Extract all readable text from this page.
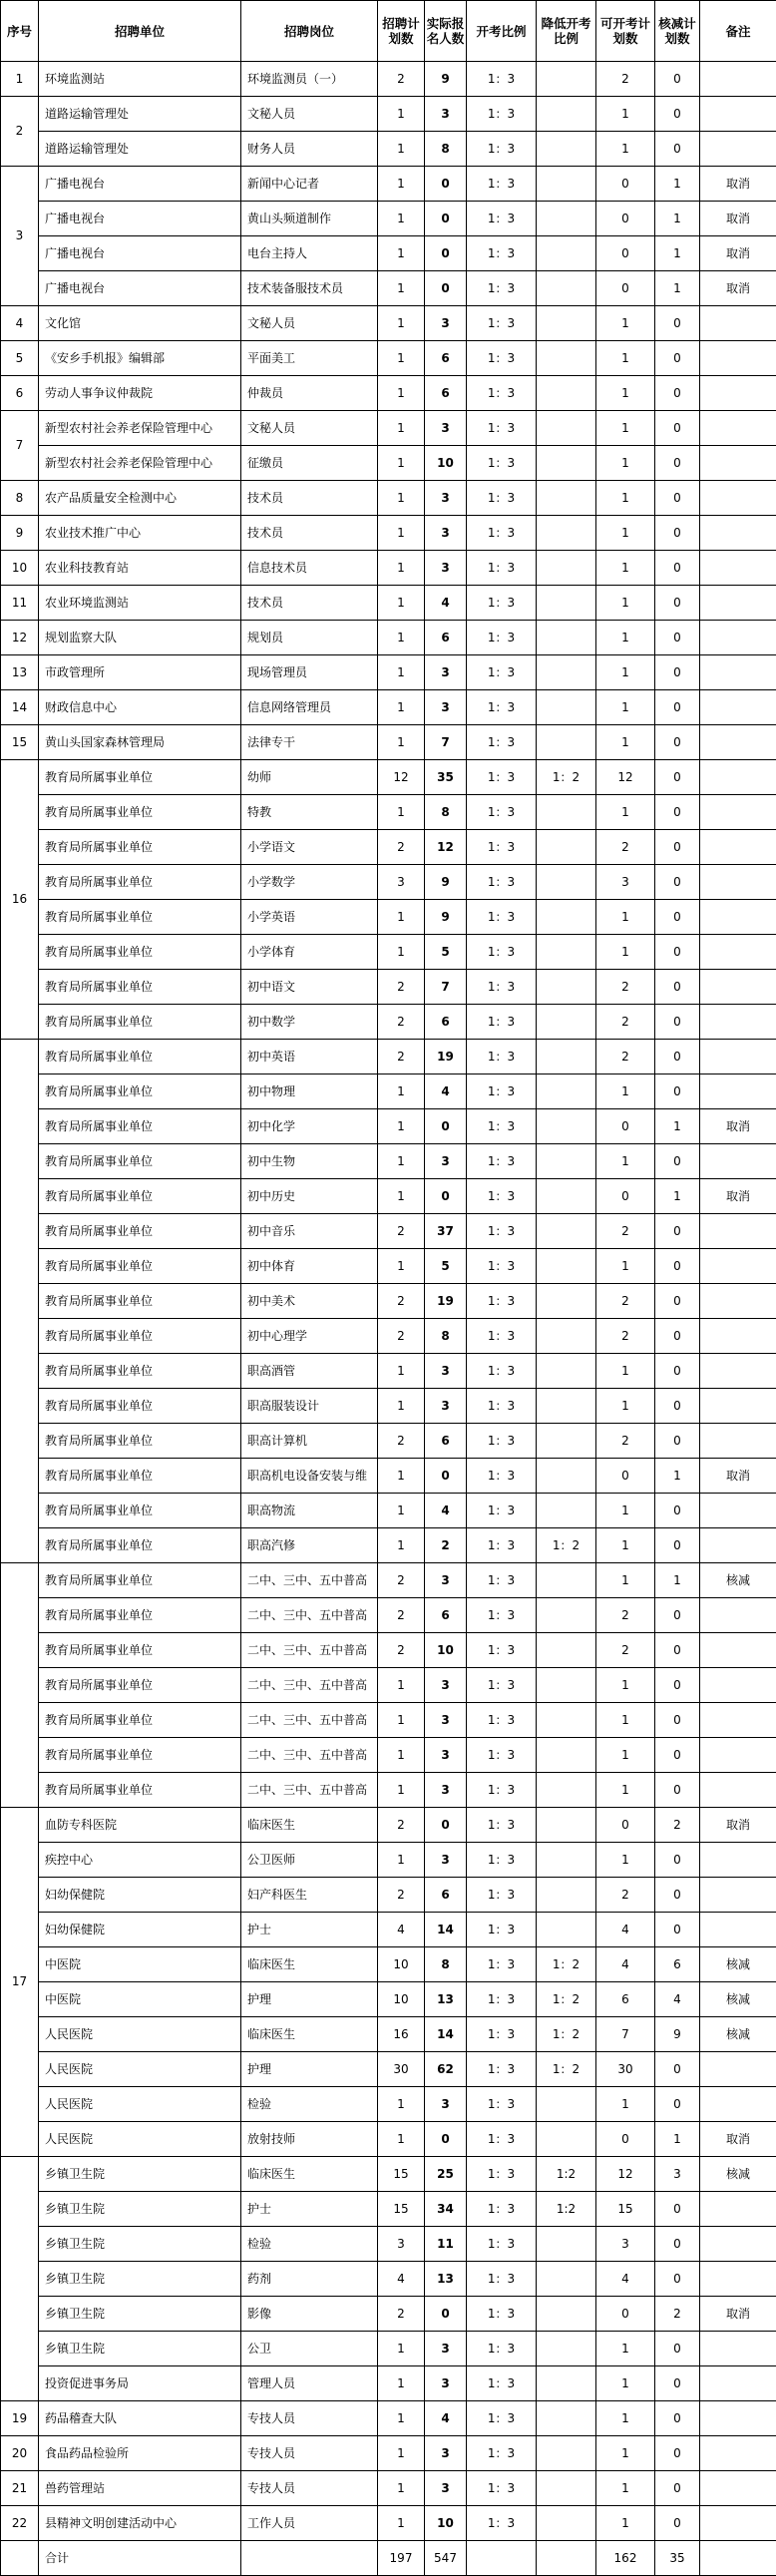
序号	招聘单位	招聘岗位	招聘计划数	实际报名人数	开考比例	降低开考比例	可开考计划数	核减计划数	备注
1	环境监测站	环境监测员（一）	2	9	1：3		2	0	
2	道路运输管理处	文秘人员	1	3	1：3		1	0	
	道路运输管理处	财务人员	1	8	1：3		1	0	
3	广播电视台	新闻中心记者	1	0	1：3		0	1	取消
	广播电视台	黄山头频道制作	1	0	1：3		0	1	取消
	广播电视台	电台主持人	1	0	1：3		0	1	取消
	广播电视台	技术装备服技术员	1	0	1：3		0	1	取消
4	文化馆	文秘人员	1	3	1：3		1	0	
5	《安乡手机报》编辑部	平面美工	1	6	1：3		1	0	
6	劳动人事争议仲裁院	仲裁员	1	6	1：3		1	0	
7	新型农村社会养老保险管理中心	文秘人员	1	3	1：3		1	0	
	新型农村社会养老保险管理中心	征缴员	1	10	1：3		1	0	
8	农产品质量安全检测中心	技术员	1	3	1：3		1	0	
9	农业技术推广中心	技术员	1	3	1：3		1	0	
10	农业科技教育站	信息技术员	1	3	1：3		1	0	
11	农业环境监测站	技术员	1	4	1：3		1	0	
12	规划监察大队	规划员	1	6	1：3		1	0	
13	市政管理所	现场管理员	1	3	1：3		1	0	
14	财政信息中心	信息网络管理员	1	3	1：3		1	0	
15	黄山头国家森林管理局	法律专干	1	7	1：3		1	0	
16	教育局所属事业单位	幼师	12	35	1：3	1：2	12	0	
	教育局所属事业单位	特教	1	8	1：3		1	0	
	教育局所属事业单位	小学语文	2	12	1：3		2	0	
	教育局所属事业单位	小学数学	3	9	1：3		3	0	
	教育局所属事业单位	小学英语	1	9	1：3		1	0	
	教育局所属事业单位	小学体育	1	5	1：3		1	0	
	教育局所属事业单位	初中语文	2	7	1：3		2	0	
	教育局所属事业单位	初中数学	2	6	1：3		2	0	
	教育局所属事业单位	初中英语	2	19	1：3		2	0	
	教育局所属事业单位	初中物理	1	4	1：3		1	0	
	教育局所属事业单位	初中化学	1	0	1：3		0	1	取消
	教育局所属事业单位	初中生物	1	3	1：3		1	0	
	教育局所属事业单位	初中历史	1	0	1：3		0	1	取消
	教育局所属事业单位	初中音乐	2	37	1：3		2	0	
	教育局所属事业单位	初中体育	1	5	1：3		1	0	
	教育局所属事业单位	初中美术	2	19	1：3		2	0	
	教育局所属事业单位	初中心理学	2	8	1：3		2	0	
	教育局所属事业单位	职高酒管	1	3	1：3		1	0	
	教育局所属事业单位	职高服装设计	1	3	1：3		1	0	
	教育局所属事业单位	职高计算机	2	6	1：3		2	0	
	教育局所属事业单位	职高机电设备安装与维	1	0	1：3		0	1	取消
	教育局所属事业单位	职高物流	1	4	1：3		1	0	
	教育局所属事业单位	职高汽修	1	2	1：3	1：2	1	0	
	教育局所属事业单位	二中、三中、五中普高	2	3	1：3		1	1	核减
	教育局所属事业单位	二中、三中、五中普高	2	6	1：3		2	0	
	教育局所属事业单位	二中、三中、五中普高	2	10	1：3		2	0	
	教育局所属事业单位	二中、三中、五中普高	1	3	1：3		1	0	
	教育局所属事业单位	二中、三中、五中普高	1	3	1：3		1	0	
	教育局所属事业单位	二中、三中、五中普高	1	3	1：3		1	0	
	教育局所属事业单位	二中、三中、五中普高	1	3	1：3		1	0	
17	血防专科医院	临床医生	2	0	1：3		0	2	取消
	疾控中心	公卫医师	1	3	1：3		1	0	
	妇幼保健院	妇产科医生	2	6	1：3		2	0	
	妇幼保健院	护士	4	14	1：3		4	0	
	中医院	临床医生	10	8	1：3	1：2	4	6	核减
	中医院	护理	10	13	1：3	1：2	6	4	核减
	人民医院	临床医生	16	14	1：3	1：2	7	9	核减
	人民医院	护理	30	62	1：3	1：2	30	0	
	人民医院	检验	1	3	1：3		1	0	
	人民医院	放射技师	1	0	1：3		0	1	取消
	乡镇卫生院	临床医生	15	25	1：3	1:2	12	3	核减
	乡镇卫生院	护士	15	34	1：3	1:2	15	0	
	乡镇卫生院	检验	3	11	1：3		3	0	
	乡镇卫生院	药剂	4	13	1：3		4	0	
	乡镇卫生院	影像	2	0	1：3		0	2	取消
	乡镇卫生院	公卫	1	3	1：3		1	0	
	投资促进事务局	管理人员	1	3	1：3		1	0	
19	药品稽查大队	专技人员	1	4	1：3		1	0	
20	食品药品检验所	专技人员	1	3	1：3		1	0	
21	兽药管理站	专技人员	1	3	1：3		1	0	
22	县精神文明创建活动中心	工作人员	1	10	1：3		1	0	
	合计		197	547			162	35	
